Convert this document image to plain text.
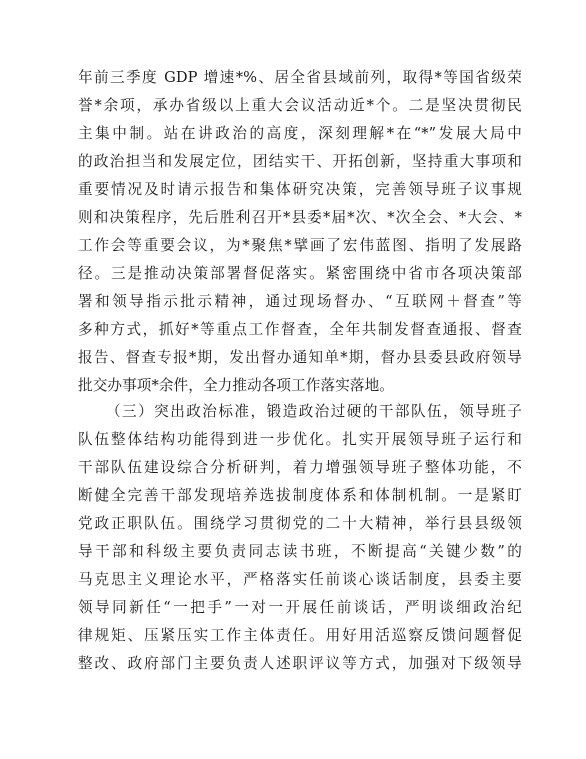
年前三季度 GDP 增速*%、居全省县域前列，取得*等国省级荣
誉*余项，承办省级以上重大会议活动近*个。二是坚决贯彻民
主集中制。站在讲政治的高度，深刻理解*在“*”发展大局中
的政治担当和发展定位，团结实干、开拓创新，坚持重大事项和
重要情况及时请示报告和集体研究决策，完善领导班子议事规
则和决策程序，先后胜利召开*县委*届*次、*次全会、*大会、*
工作会等重要会议，为*聚焦*擘画了宏伟蓝图、指明了发展路
径。三是推动决策部署督促落实。紧密围绕中省市各项决策部
署和领导指示批示精神，通过现场督办、“互联网＋督查”等
多种方式，抓好*等重点工作督查，全年共制发督查通报、督查
报告、督查专报*期，发出督办通知单*期，督办县委县政府领导
批交办事项*余件，全力推动各项工作落实落地。
（三）突出政治标准，锻造政治过硬的干部队伍，领导班子
队伍整体结构功能得到进一步优化。扎实开展领导班子运行和
干部队伍建设综合分析研判，着力增强领导班子整体功能，不
断健全完善干部发现培养选拔制度体系和体制机制。一是紧盯
党政正职队伍。围绕学习贯彻党的二十大精神，举行县县级领
导干部和科级主要负责同志读书班，不断提高“关键少数”的
马克思主义理论水平，严格落实任前谈心谈话制度，县委主要
领导同新任“一把手”一对一开展任前谈话，严明谈细政治纪
律规矩、压紧压实工作主体责任。用好用活巡察反馈问题督促
整改、政府部门主要负责人述职评议等方式，加强对下级领导
